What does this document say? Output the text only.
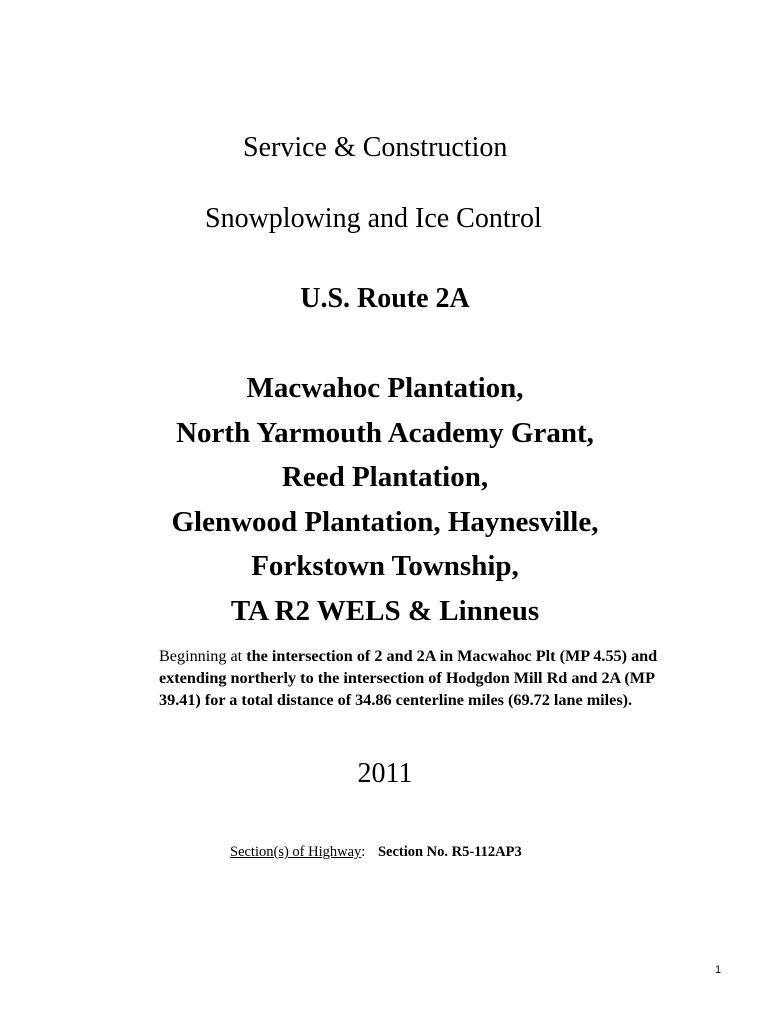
Service & Construction
Snowplowing and Ice Control
U.S. Route 2A
Macwahoc Plantation,
North Yarmouth Academy Grant,
Reed Plantation,
Glenwood Plantation, Haynesville,
Forkstown Township,
TA R2 WELS & Linneus
Beginning at the intersection of 2 and 2A in Macwahoc Plt (MP 4.55) and extending northerly to the intersection of Hodgdon Mill Rd and 2A (MP 39.41) for a total distance of 34.86 centerline miles (69.72 lane miles).
2011
Section(s) of Highway: Section No. R5-112AP3
1
